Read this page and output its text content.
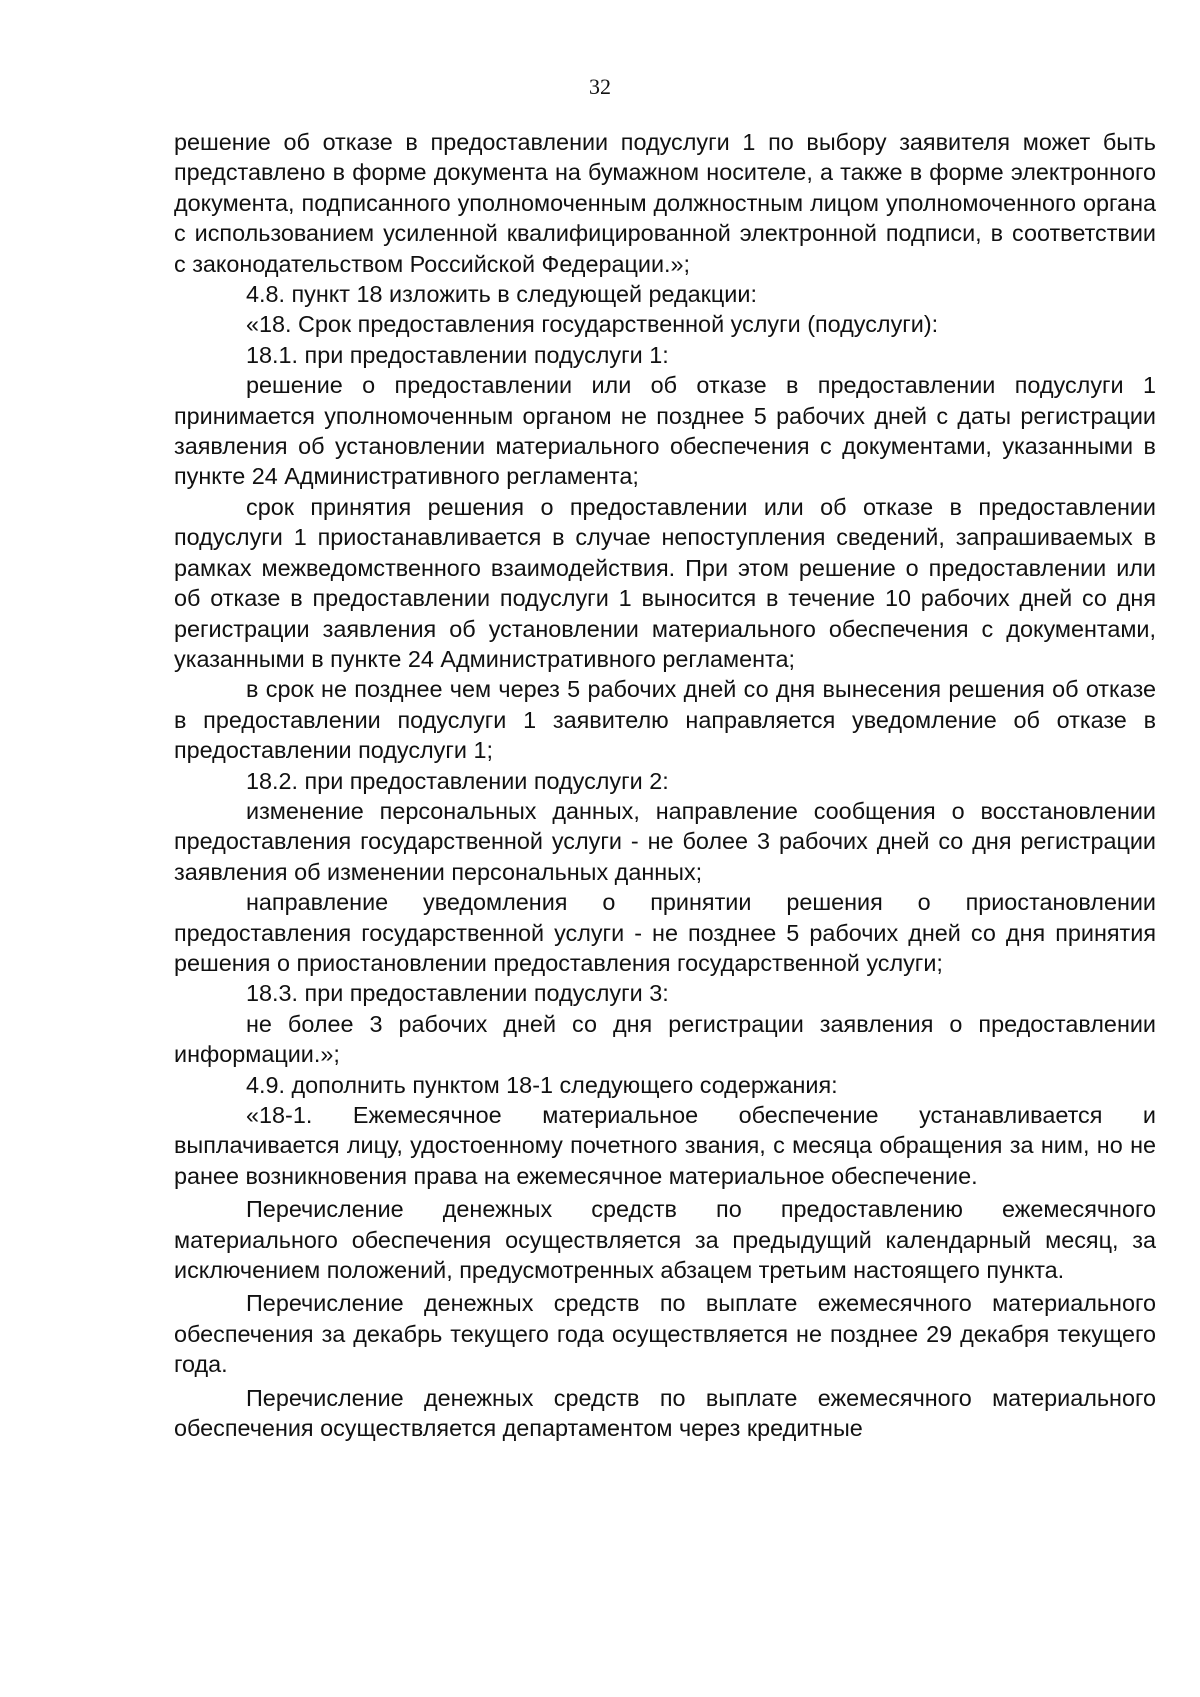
32

решение об отказе в предоставлении подуслуги 1 по выбору заявителя может быть представлено в форме документа на бумажном носителе, а также в форме электронного документа, подписанного уполномоченным должностным лицом уполномоченного органа с использованием усиленной квалифицированной электронной подписи, в соответствии с законодательством Российской Федерации.»;

4.8. пункт 18 изложить в следующей редакции:

«18. Срок предоставления государственной услуги (подуслуги):

18.1. при предоставлении подуслуги 1:

решение о предоставлении или об отказе в предоставлении подуслуги 1 принимается уполномоченным органом не позднее 5 рабочих дней с даты регистрации заявления об установлении материального обеспечения с документами, указанными в пункте 24 Административного регламента;

срок принятия решения о предоставлении или об отказе в предоставлении подуслуги 1 приостанавливается в случае непоступления сведений, запрашиваемых в рамках межведомственного взаимодействия. При этом решение о предоставлении или об отказе в предоставлении подуслуги 1 выносится в течение 10 рабочих дней со дня регистрации заявления об установлении материального обеспечения с документами, указанными в пункте 24 Административного регламента;

в срок не позднее чем через 5 рабочих дней со дня вынесения решения об отказе в предоставлении подуслуги 1 заявителю направляется уведомление об отказе в предоставлении подуслуги 1;

18.2. при предоставлении подуслуги 2:

изменение персональных данных, направление сообщения о восстановлении предоставления государственной услуги - не более 3 рабочих дней со дня регистрации заявления об изменении персональных данных;

направление уведомления о принятии решения о приостановлении предоставления государственной услуги - не позднее 5 рабочих дней со дня принятия решения о приостановлении предоставления государственной услуги;

18.3. при предоставлении подуслуги 3:

не более 3 рабочих дней со дня регистрации заявления о предоставлении информации.»;

4.9. дополнить пунктом 18-1 следующего содержания:

«18-1. Ежемесячное материальное обеспечение устанавливается и выплачивается лицу, удостоенному почетного звания, с месяца обращения за ним, но не ранее возникновения права на ежемесячное материальное обеспечение.

Перечисление денежных средств по предоставлению ежемесячного материального обеспечения осуществляется за предыдущий календарный месяц, за исключением положений, предусмотренных абзацем третьим настоящего пункта.

Перечисление денежных средств по выплате ежемесячного материального обеспечения за декабрь текущего года осуществляется не позднее 29 декабря текущего года.

Перечисление денежных средств по выплате ежемесячного материального обеспечения осуществляется департаментом через кредитные
